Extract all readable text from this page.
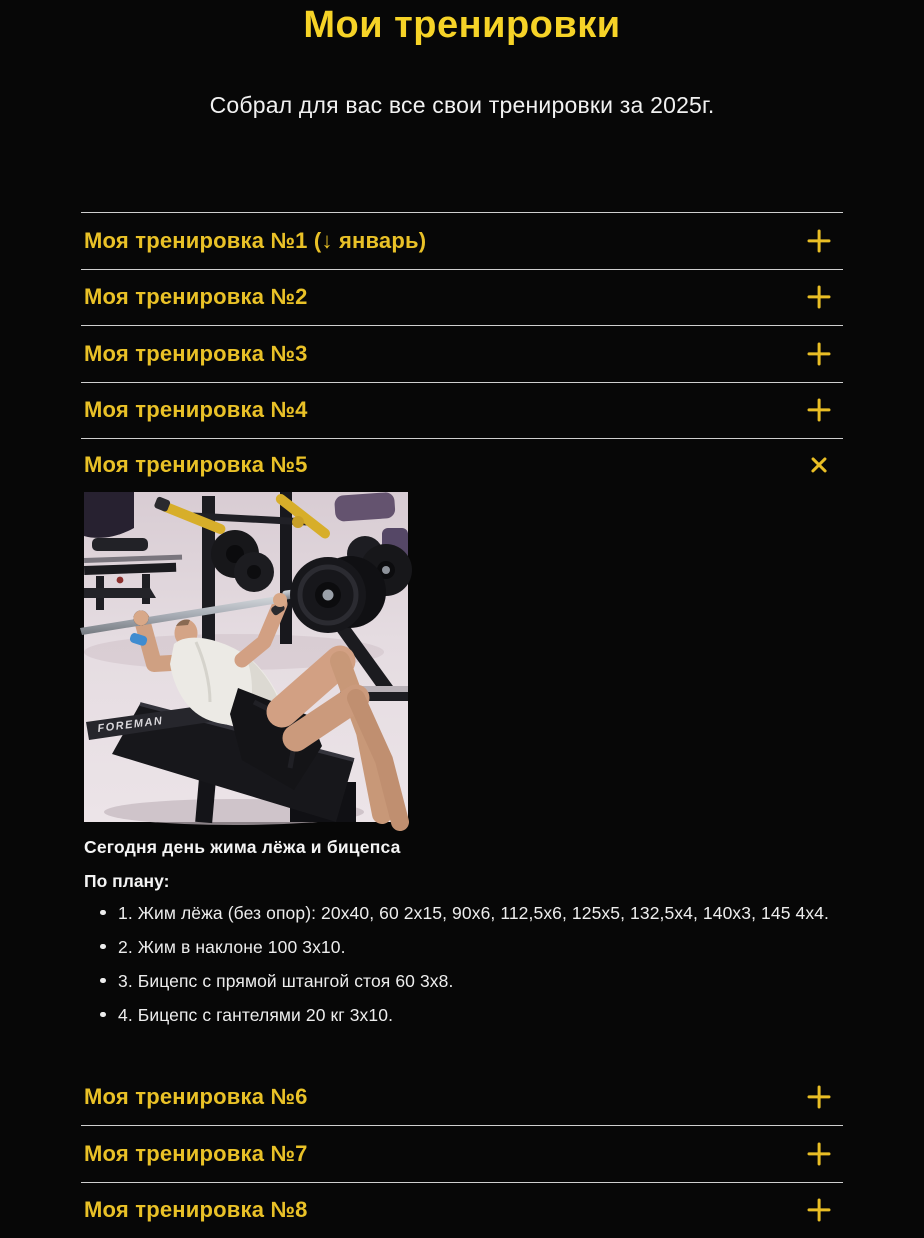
Мои тренировки

Собрал для вас все свои тренировки за 2025г.

Моя тренировка №1 (↓ январь)
Моя тренировка №2
Моя тренировка №3
Моя тренировка №4
Моя тренировка №5
FOREMAN

Сегодня день жима лёжа и бицепса

По плану:

1. Жим лёжа (без опор): 20х40, 60 2х15, 90х6, 112,5х6, 125х5, 132,5х4, 140х3, 145 4х4.
2. Жим в наклоне 100 3х10.
3. Бицепс с прямой штангой стоя 60 3х8.
4. Бицепс с гантелями 20 кг 3х10.
Моя тренировка №6
Моя тренировка №7
Моя тренировка №8
